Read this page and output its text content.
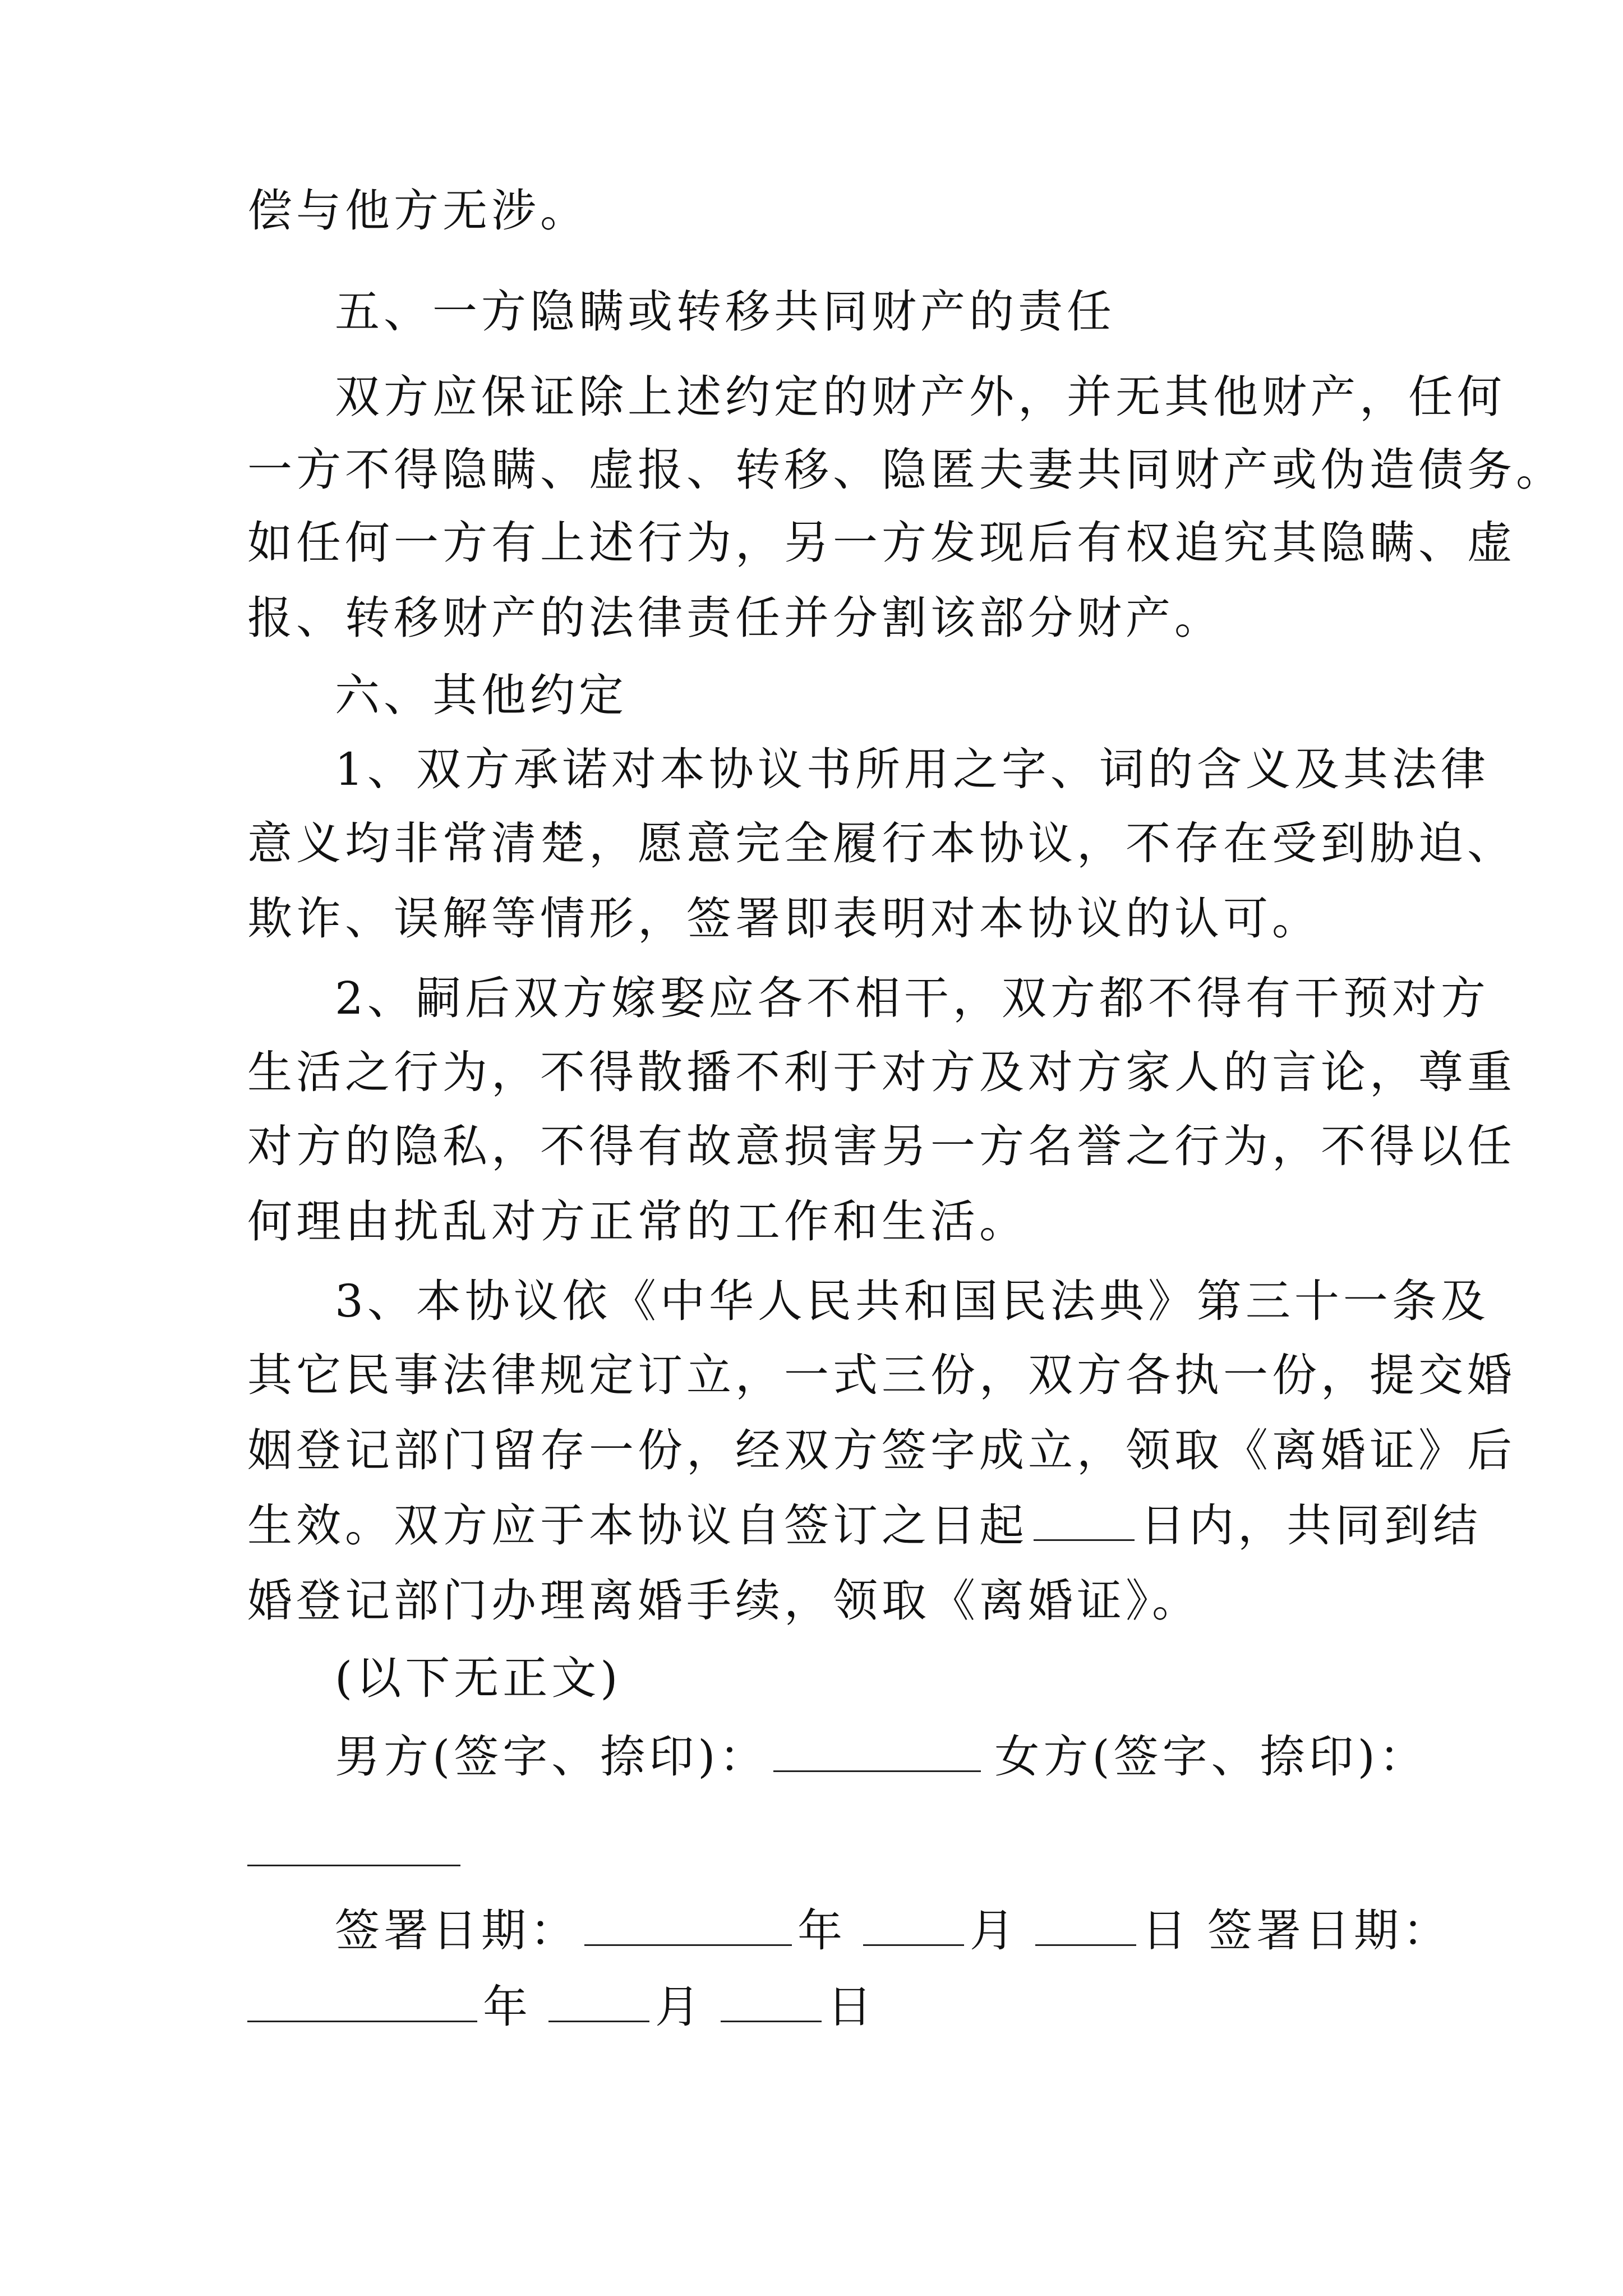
偿与他方无涉。
五、一方隐瞒或转移共同财产的责任
双方应保证除上述约定的财产外，并无其他财产，任何
一方不得隐瞒、虚报、转移、隐匿夫妻共同财产或伪造债务。
如任何一方有上述行为，另一方发现后有权追究其隐瞒、虚
报、转移财产的法律责任并分割该部分财产。
六、其他约定
1、双方承诺对本协议书所用之字、词的含义及其法律
意义均非常清楚，愿意完全履行本协议，不存在受到胁迫、
欺诈、误解等情形，签署即表明对本协议的认可。
2、嗣后双方嫁娶应各不相干，双方都不得有干预对方
生活之行为，不得散播不利于对方及对方家人的言论，尊重
对方的隐私，不得有故意损害另一方名誉之行为，不得以任
何理由扰乱对方正常的工作和生活。
3、本协议依《中华人民共和国民法典》第三十一条及
其它民事法律规定订立，一式三份，双方各执一份，提交婚
姻登记部门留存一份，经双方签字成立，领取《离婚证》后
生效。双方应于本协议自签订之日起	日内，共同到结
婚登记部门办理离婚手续，领取《离婚证》。
(以下无正文)
男方(签字、捺印)：	女方(签字、捺印)：
签署日期：	年	月	日 签署日期：
年	月	日
